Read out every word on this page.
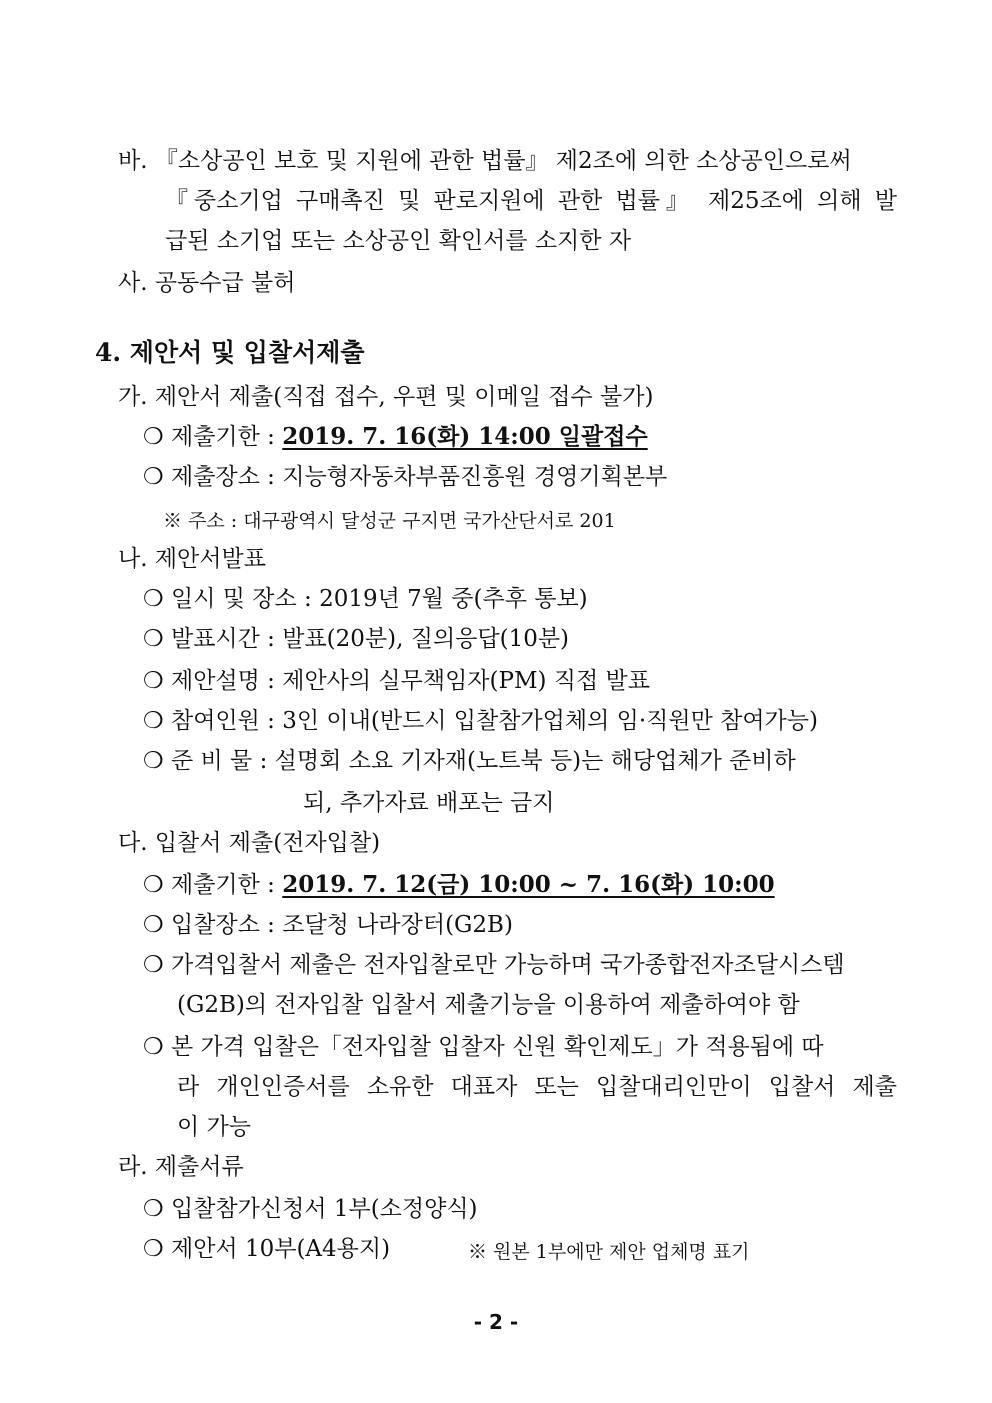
바. 『소상공인 보호 및 지원에 관한 법률』 제2조에 의한 소상공인으로써
『중소기업 구매촉진 및 판로지원에 관한 법률』 제25조에 의해 발
급된 소기업 또는 소상공인 확인서를 소지한 자
사. 공동수급 불허
4. 제안서 및 입찰서제출
가. 제안서 제출(직접 접수, 우편 및 이메일 접수 불가)
❍ 제출기한 : 2019. 7. 16(화) 14:00 일괄접수
❍ 제출장소 : 지능형자동차부품진흥원 경영기획본부
※ 주소 : 대구광역시 달성군 구지면 국가산단서로 201
나. 제안서발표
❍ 일시 및 장소 : 2019년 7월 중(추후 통보)
❍ 발표시간 : 발표(20분), 질의응답(10분)
❍ 제안설명 : 제안사의 실무책임자(PM) 직접 발표
❍ 참여인원 : 3인 이내(반드시 입찰참가업체의 임·직원만 참여가능)
❍ 준 비 물 : 설명회 소요 기자재(노트북 등)는 해당업체가 준비하
되, 추가자료 배포는 금지
다. 입찰서 제출(전자입찰)
❍ 제출기한 : 2019. 7. 12(금) 10:00 ~ 7. 16(화) 10:00
❍ 입찰장소 : 조달청 나라장터(G2B)
❍ 가격입찰서 제출은 전자입찰로만 가능하며 국가종합전자조달시스템
(G2B)의 전자입찰 입찰서 제출기능을 이용하여 제출하여야 함
❍ 본 가격 입찰은「전자입찰 입찰자 신원 확인제도」가 적용됨에 따
라 개인인증서를 소유한 대표자 또는 입찰대리인만이 입찰서 제출
이 가능
라. 제출서류
❍ 입찰참가신청서 1부(소정양식)
❍ 제안서 10부(A4용지)	※ 원본 1부에만 제안 업체명 표기
- 2 -
